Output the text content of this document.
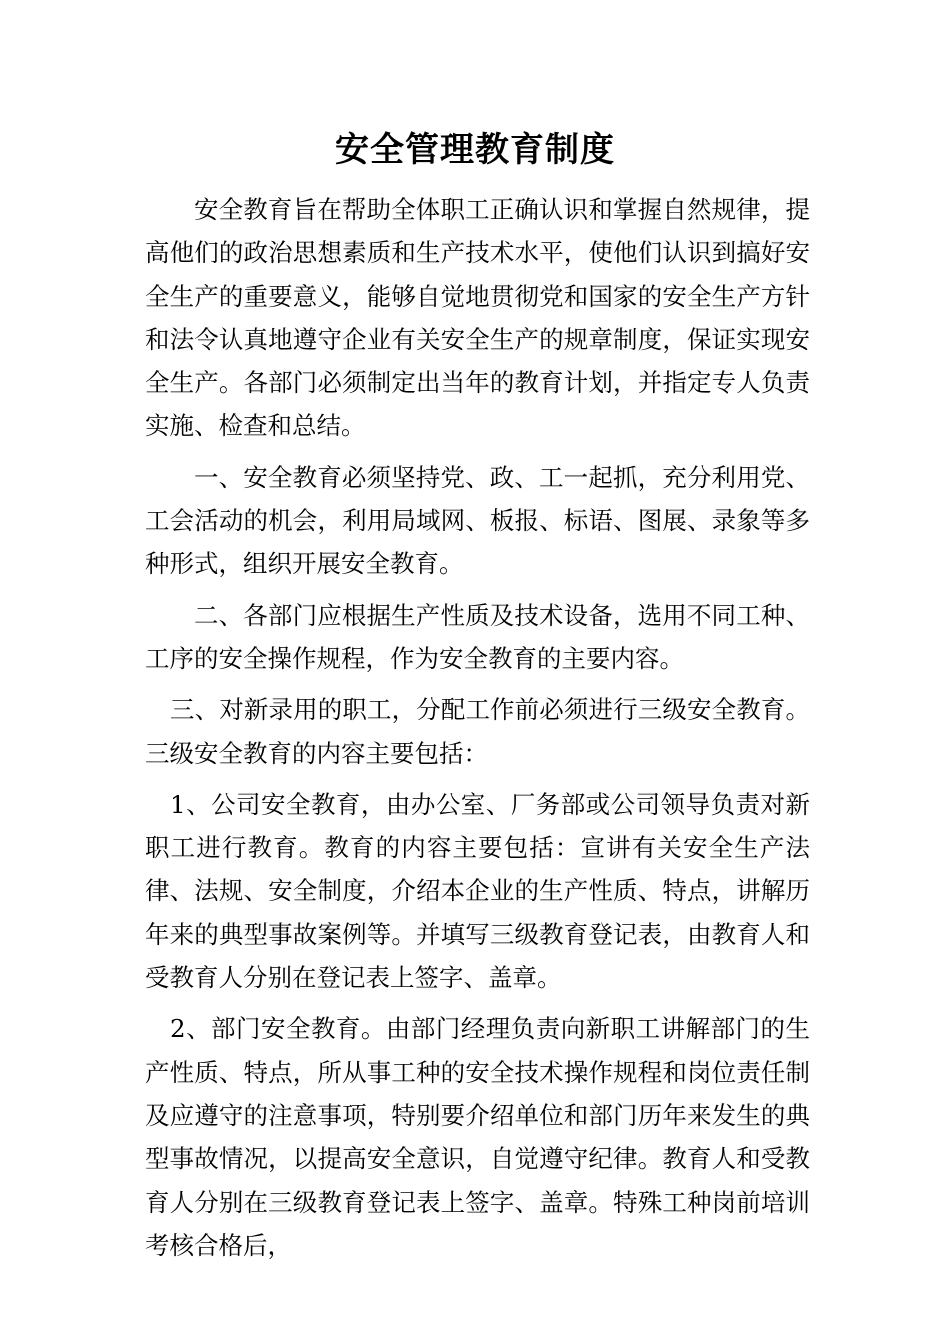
安全管理教育制度

安全教育旨在帮助全体职工正确认识和掌握自然规律，提高他们的政治思想素质和生产技术水平，使他们认识到搞好安全生产的重要意义，能够自觉地贯彻党和国家的安全生产方针和法令认真地遵守企业有关安全生产的规章制度，保证实现安全生产。各部门必须制定出当年的教育计划，并指定专人负责实施、检查和总结。

一、安全教育必须坚持党、政、工一起抓，充分利用党、工会活动的机会，利用局域网、板报、标语、图展、录象等多种形式，组织开展安全教育。

二、各部门应根据生产性质及技术设备，选用不同工种、工序的安全操作规程，作为安全教育的主要内容。

三、对新录用的职工，分配工作前必须进行三级安全教育。三级安全教育的内容主要包括：

1、公司安全教育，由办公室、厂务部或公司领导负责对新职工进行教育。教育的内容主要包括：宣讲有关安全生产法律、法规、安全制度，介绍本企业的生产性质、特点，讲解历年来的典型事故案例等。并填写三级教育登记表，由教育人和受教育人分别在登记表上签字、盖章。

2、部门安全教育。由部门经理负责向新职工讲解部门的生产性质、特点，所从事工种的安全技术操作规程和岗位责任制及应遵守的注意事项，特别要介绍单位和部门历年来发生的典型事故情况，以提高安全意识，自觉遵守纪律。教育人和受教育人分别在三级教育登记表上签字、盖章。特殊工种岗前培训考核合格后，
